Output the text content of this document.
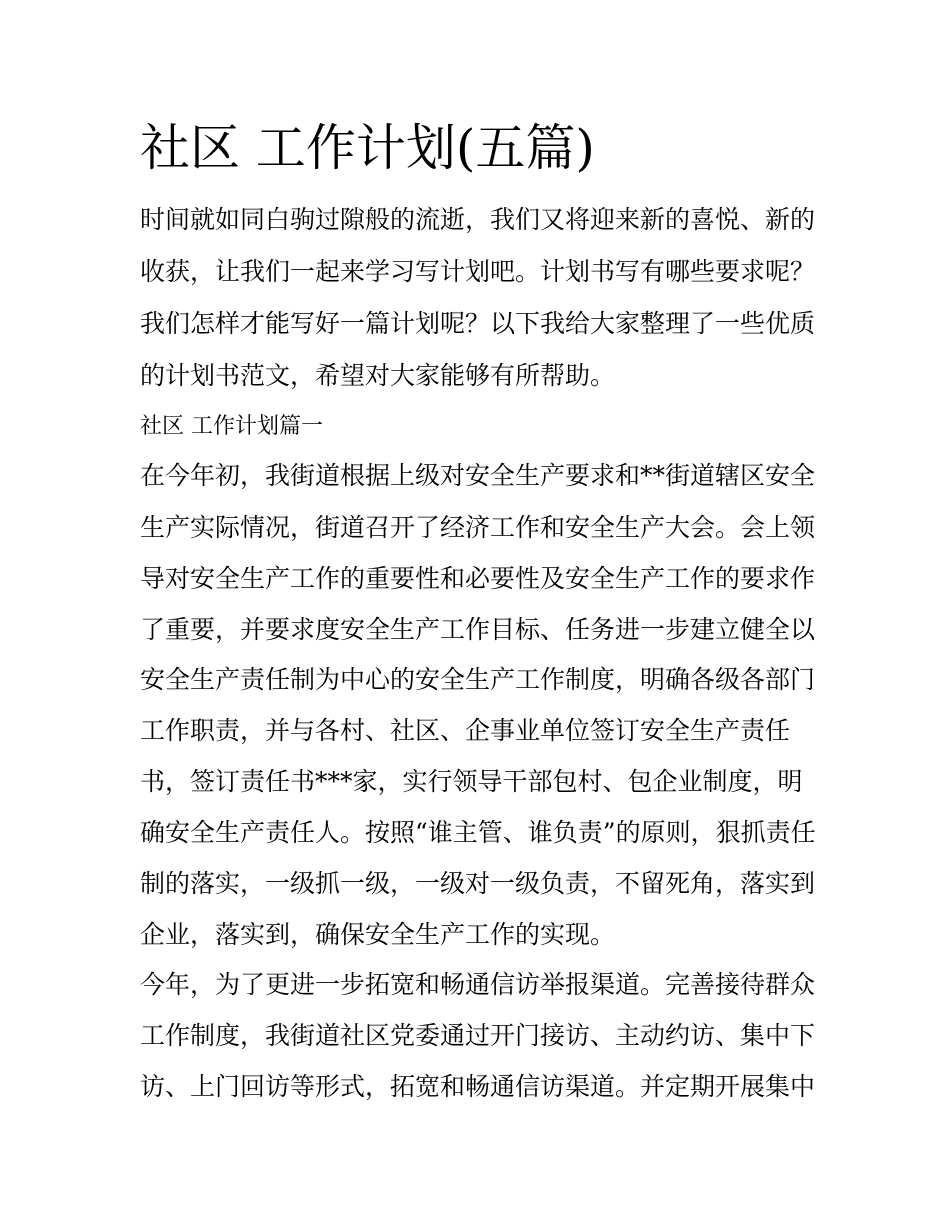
社区 工作计划(五篇)

时间就如同白驹过隙般的流逝，我们又将迎来新的喜悦、新的

收获，让我们一起来学习写计划吧。计划书写有哪些要求呢？

我们怎样才能写好一篇计划呢？以下我给大家整理了一些优质

的计划书范文，希望对大家能够有所帮助。

社区 工作计划篇一

在今年初，我街道根据上级对安全生产要求和**街道辖区安全

生产实际情况，街道召开了经济工作和安全生产大会。会上领

导对安全生产工作的重要性和必要性及安全生产工作的要求作

了重要，并要求度安全生产工作目标、任务进一步建立健全以

安全生产责任制为中心的安全生产工作制度，明确各级各部门

工作职责，并与各村、社区、企事业单位签订安全生产责任

书，签订责任书***家，实行领导干部包村、包企业制度，明

确安全生产责任人。按照“谁主管、谁负责”的原则，狠抓责任

制的落实，一级抓一级，一级对一级负责，不留死角，落实到

企业，落实到，确保安全生产工作的实现。

今年，为了更进一步拓宽和畅通信访举报渠道。完善接待群众

工作制度，我街道社区党委通过开门接访、主动约访、集中下

访、上门回访等形式，拓宽和畅通信访渠道。并定期开展集中
